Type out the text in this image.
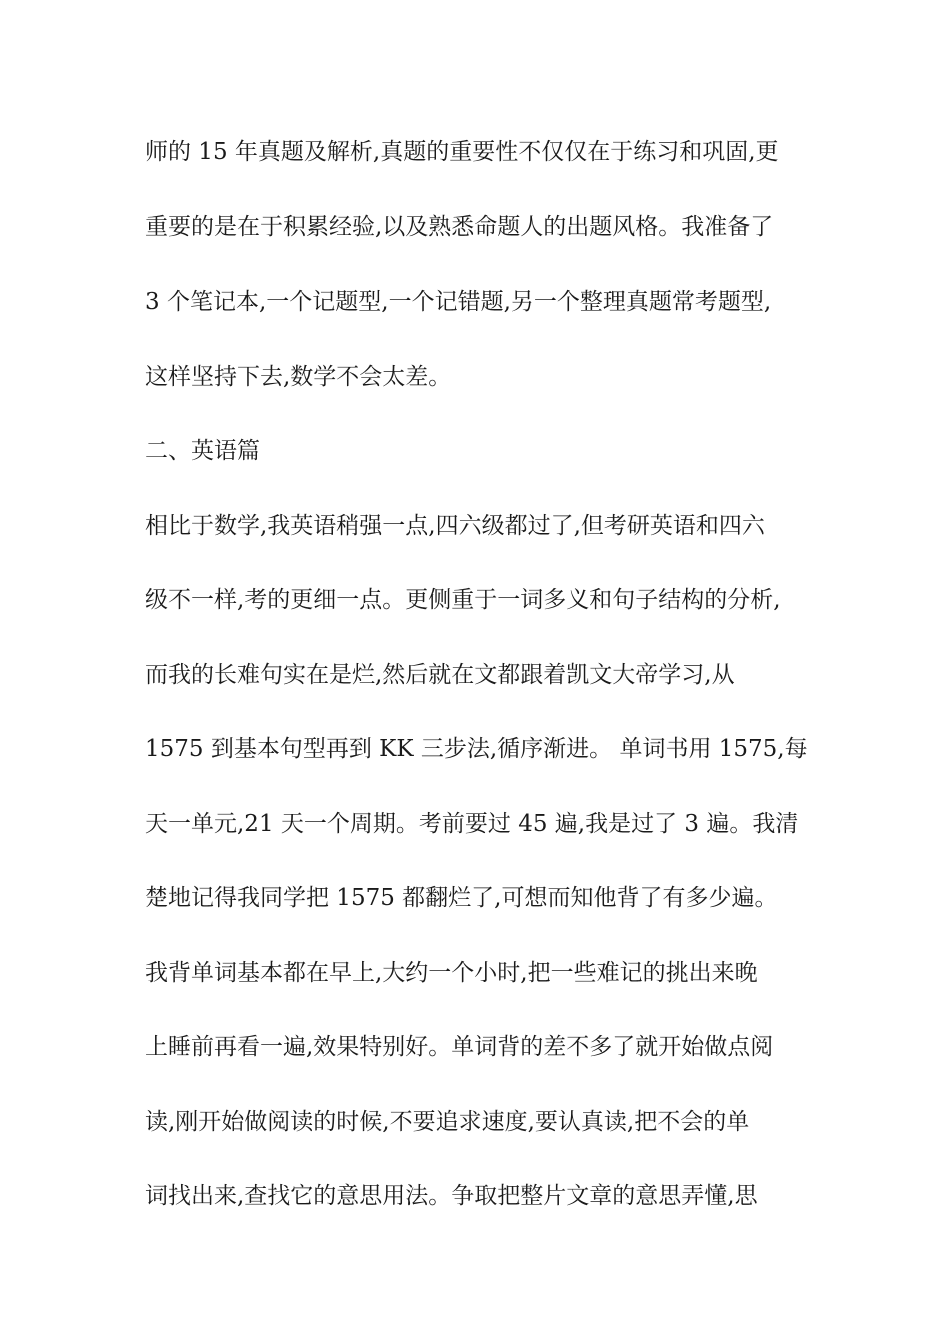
师的 15 年真题及解析,真题的重要性不仅仅在于练习和巩固,更

重要的是在于积累经验,以及熟悉命题人的出题风格。我准备了

3 个笔记本,一个记题型,一个记错题,另一个整理真题常考题型,

这样坚持下去,数学不会太差。

二、英语篇

相比于数学,我英语稍强一点,四六级都过了,但考研英语和四六

级不一样,考的更细一点。更侧重于一词多义和句子结构的分析,

而我的长难句实在是烂,然后就在文都跟着凯文大帝学习,从

1575 到基本句型再到 KK 三步法,循序渐进。 单词书用 1575,每

天一单元,21 天一个周期。考前要过 45 遍,我是过了 3 遍。我清

楚地记得我同学把 1575 都翻烂了,可想而知他背了有多少遍。

我背单词基本都在早上,大约一个小时,把一些难记的挑出来晚

上睡前再看一遍,效果特别好。单词背的差不多了就开始做点阅

读,刚开始做阅读的时候,不要追求速度,要认真读,把不会的单

词找出来,查找它的意思用法。争取把整片文章的意思弄懂,思
